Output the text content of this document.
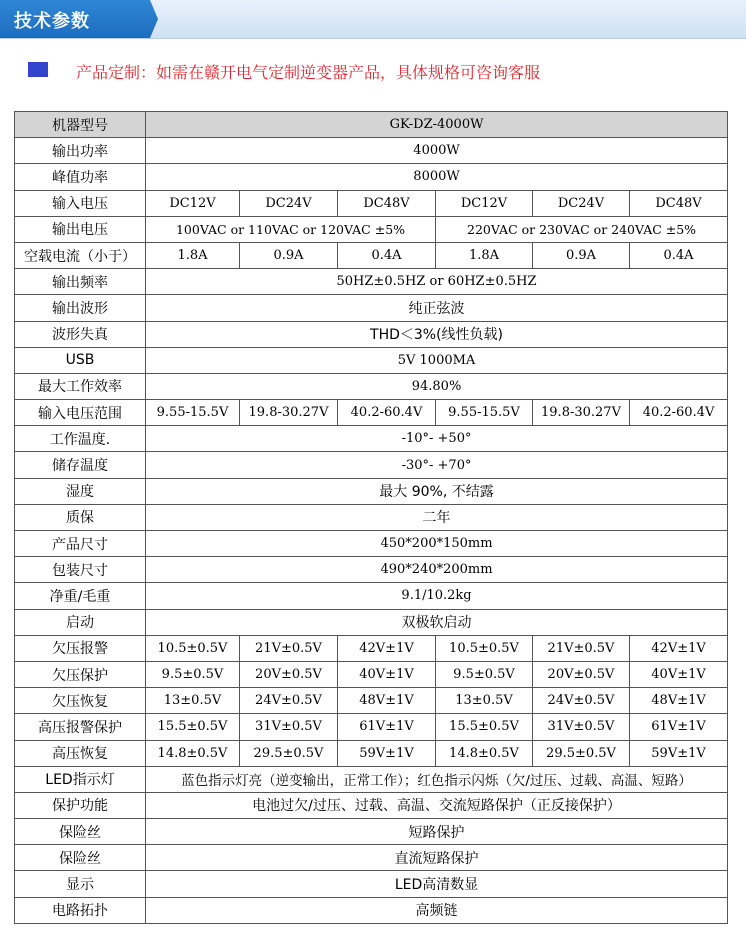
技术参数
产品定制：如需在赣开电气定制逆变器产品，具体规格可咨询客服
机器型号	GK-DZ-4000W					
输出功率	4000W					
峰值功率	8000W					
输入电压	DC12V	DC24V	DC48V	DC12V	DC24V	DC48V
输出电压	100VAC or 110VAC or 120VAC ±5%			220VAC or 230VAC or 240VAC ±5%		
空载电流（小于）	1.8A	0.9A	0.4A	1.8A	0.9A	0.4A
输出频率	50HZ±0.5HZ or 60HZ±0.5HZ					
输出波形	纯正弦波					
波形失真	THD＜3%(线性负载)					
USB	5V 1000MA					
最大工作效率	94.80%					
输入电压范围	9.55-15.5V	19.8-30.27V	40.2-60.4V	9.55-15.5V	19.8-30.27V	40.2-60.4V
工作温度.	-10°- +50°					
储存温度	-30°- +70°					
湿度	最大 90%, 不结露					
质保	二年					
产品尺寸	450*200*150mm					
包装尺寸	490*240*200mm					
净重/毛重	9.1/10.2kg					
启动	双极软启动					
欠压报警	10.5±0.5V	21V±0.5V	42V±1V	10.5±0.5V	21V±0.5V	42V±1V
欠压保护	9.5±0.5V	20V±0.5V	40V±1V	9.5±0.5V	20V±0.5V	40V±1V
欠压恢复	13±0.5V	24V±0.5V	48V±1V	13±0.5V	24V±0.5V	48V±1V
高压报警保护	15.5±0.5V	31V±0.5V	61V±1V	15.5±0.5V	31V±0.5V	61V±1V
高压恢复	14.8±0.5V	29.5±0.5V	59V±1V	14.8±0.5V	29.5±0.5V	59V±1V
LED指示灯	蓝色指示灯亮（逆变输出，正常工作）；红色指示闪烁（欠/过压、过载、高温、短路）					
保护功能	电池过欠/过压、过载、高温、交流短路保护（正反接保护）					
保险丝	短路保护					
保险丝	直流短路保护					
显示	LED高清数显					
电路拓扑	高频链					
